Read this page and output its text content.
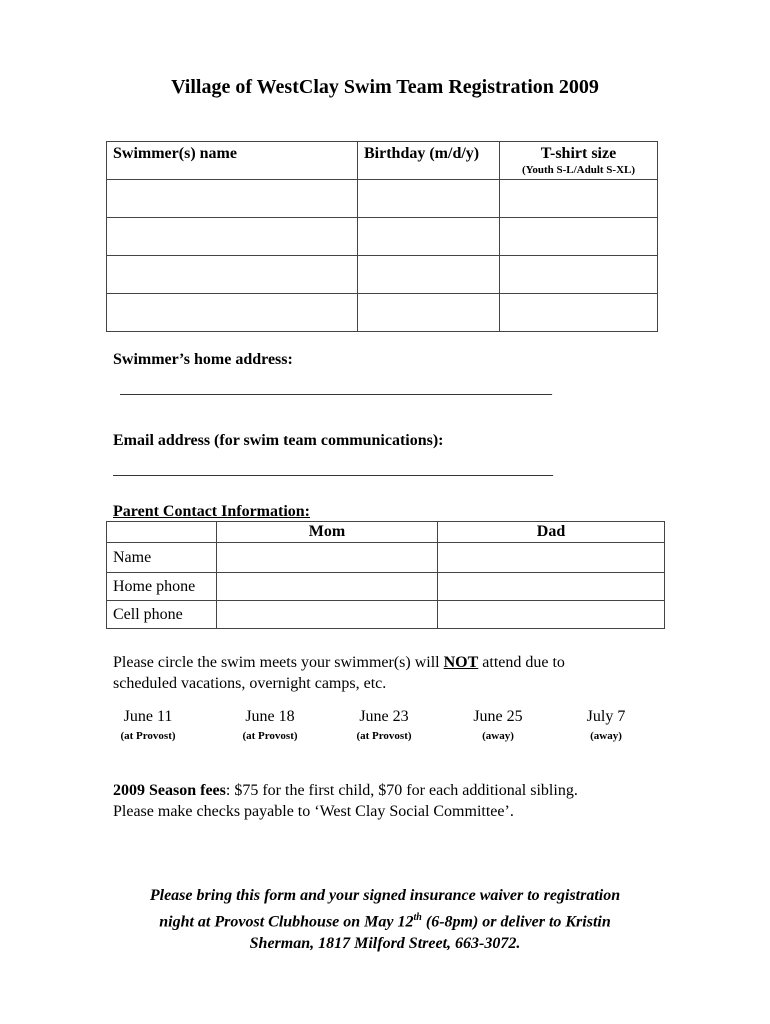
Village of WestClay Swim Team Registration 2009
Swimmer(s) name	Birthday (m/d/y)	T-shirt size
(Youth S-L/Adult S-XL)

Swimmer’s home address:
______________________________________________________
Email address (for swim team communications):
_______________________________________________________
Parent Contact Information:
	Mom	Dad
Name		
Home phone		
Cell phone		
Please circle the swim meets your swimmer(s) will NOT attend due to
scheduled vacations, overnight camps, etc.
June 11
(at Provost)
June 18
(at Provost)
June 23
(at Provost)
June 25
(away)
July 7
(away)
2009 Season fees: $75 for the first child, $70 for each additional sibling.
Please make checks payable to ‘West Clay Social Committee’.
Please bring this form and your signed insurance waiver to registration
night at Provost Clubhouse on May 12th (6-8pm) or deliver to Kristin
Sherman, 1817 Milford Street, 663-3072.
